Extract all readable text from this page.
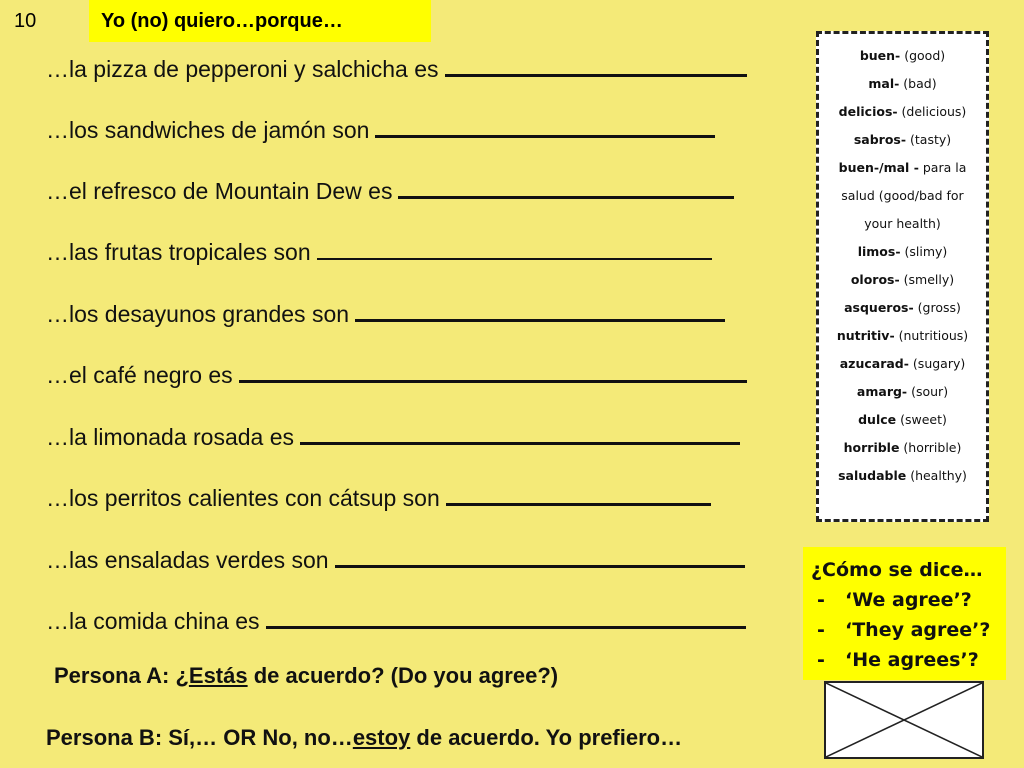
10	Yo (no) quiero…porque…
…la pizza de pepperoni y salchicha es
…los sandwiches de jamón son
…el refresco de Mountain Dew es
…las frutas tropicales son
…los desayunos grandes son
…el café negro es
…la limonada rosada es
…los perritos calientes con cátsup son
…las ensaladas verdes son
…la comida china es
buen- (good)
mal- (bad)
delicios- (delicious)
sabros- (tasty)
buen-/mal - para la
salud (good/bad for
your health)
limos- (slimy)
oloros- (smelly)
asqueros- (gross)
nutritiv- (nutritious)
azucarad- (sugary)
amarg- (sour)
dulce (sweet)
horrible (horrible)
saludable (healthy)
¿Cómo se dice…
- ‘We agree’?
- ‘They agree’?
- ‘He agrees’?
Persona A: ¿Estás de acuerdo? (Do you agree?)
Persona B: Sí,… OR No, no…estoy de acuerdo. Yo prefiero…
